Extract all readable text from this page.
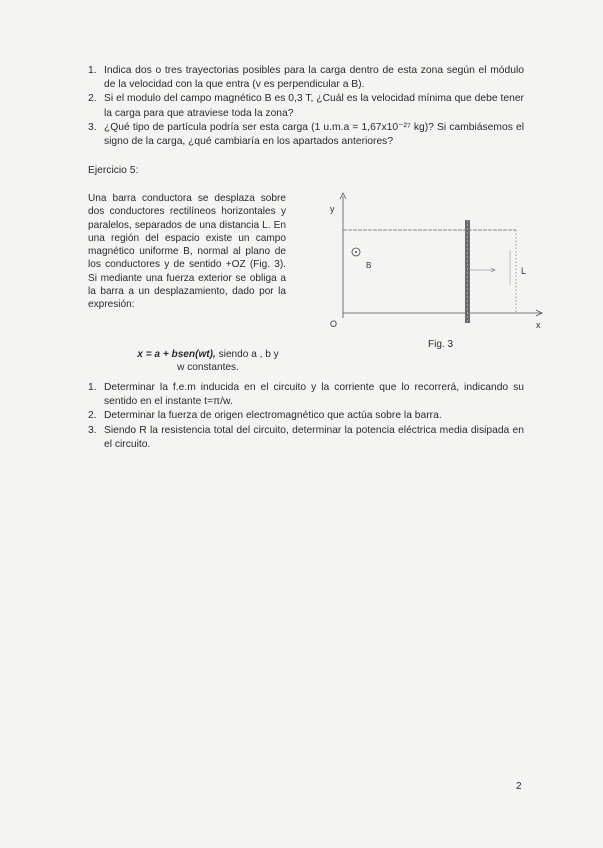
1. Indica dos o tres trayectorias posibles para la carga dentro de esta zona según el módulo de la velocidad con la que entra (v es perpendicular a B).
2. Si el modulo del campo magnético B es 0,3 T, ¿Cuál es la velocidad mínima que debe tener la carga para que atraviese toda la zona?
3. ¿Qué tipo de partícula podría ser esta carga (1 u.m.a = 1,67x10⁻²⁷ kg)? Si cambiásemos el signo de la carga, ¿qué cambiaría en los apartados anteriores?
Ejercicio 5:
Una barra conductora se desplaza sobre dos conductores rectilíneos horizontales y paralelos, separados de una distancia L. En una región del espacio existe un campo magnético uniforme B, normal al plano de los conductores y de sentido +OZ (Fig. 3). Si mediante una fuerza exterior se obliga a la barra a un desplazamiento, dado por la expresión:
x = a + bsen(wt), siendo a , b y
w constantes.
y
x
O
B
L
Fig. 3
1. Determinar la f.e.m inducida en el circuito y la corriente que lo recorrerá, indicando su sentido en el instante t=π/w.
2. Determinar la fuerza de origen electromagnético que actúa sobre la barra.
3. Siendo R la resistencia total del circuito, determinar la potencia eléctrica media disipada en el circuito.
2
